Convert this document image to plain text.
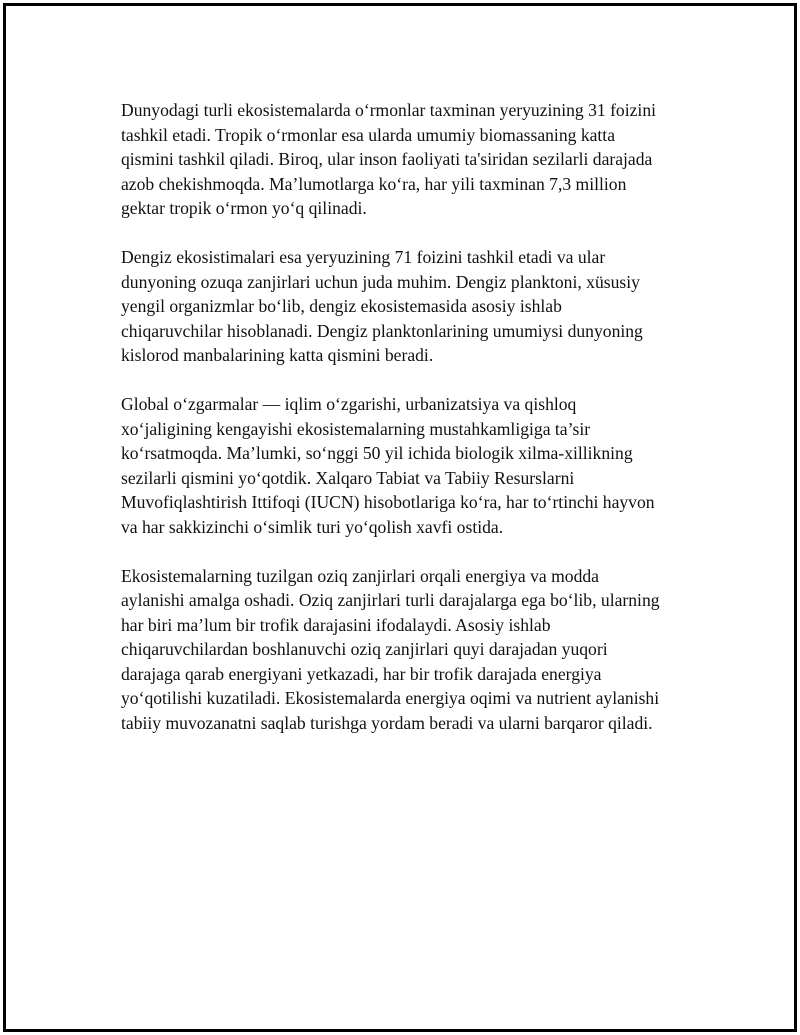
Dunyodagi turli ekosistemalarda o‘rmonlar taxminan yeryuzining 31 foizini
tashkil etadi. Tropik o‘rmonlar esa ularda umumiy biomassaning katta
qismini tashkil qiladi. Biroq, ular inson faoliyati ta'siridan sezilarli darajada
azob chekishmoqda. Ma’lumotlarga ko‘ra, har yili taxminan 7,3 million
gektar tropik o‘rmon yo‘q qilinadi.

Dengiz ekosistimalari esa yeryuzining 71 foizini tashkil etadi va ular
dunyoning ozuqa zanjirlari uchun juda muhim. Dengiz planktoni, xüsusiy
yengil organizmlar bo‘lib, dengiz ekosistemasida asosiy ishlab
chiqaruvchilar hisoblanadi. Dengiz planktonlarining umumiysi dunyoning
kislorod manbalarining katta qismini beradi.

Global o‘zgarmalar — iqlim o‘zgarishi, urbanizatsiya va qishloq
xo‘jaligining kengayishi ekosistemalarning mustahkamligiga ta’sir
ko‘rsatmoqda. Ma’lumki, so‘nggi 50 yil ichida biologik xilma-xillikning
sezilarli qismini yo‘qotdik. Xalqaro Tabiat va Tabiiy Resurslarni
Muvofiqlashtirish Ittifoqi (IUCN) hisobotlariga ko‘ra, har to‘rtinchi hayvon
va har sakkizinchi o‘simlik turi yo‘qolish xavfi ostida.

Ekosistemalarning tuzilgan oziq zanjirlari orqali energiya va modda
aylanishi amalga oshadi. Oziq zanjirlari turli darajalarga ega bo‘lib, ularning
har biri ma’lum bir trofik darajasini ifodalaydi. Asosiy ishlab
chiqaruvchilardan boshlanuvchi oziq zanjirlari quyi darajadan yuqori
darajaga qarab energiyani yetkazadi, har bir trofik darajada energiya
yo‘qotilishi kuzatiladi. Ekosistemalarda energiya oqimi va nutrient aylanishi
tabiiy muvozanatni saqlab turishga yordam beradi va ularni barqaror qiladi.
